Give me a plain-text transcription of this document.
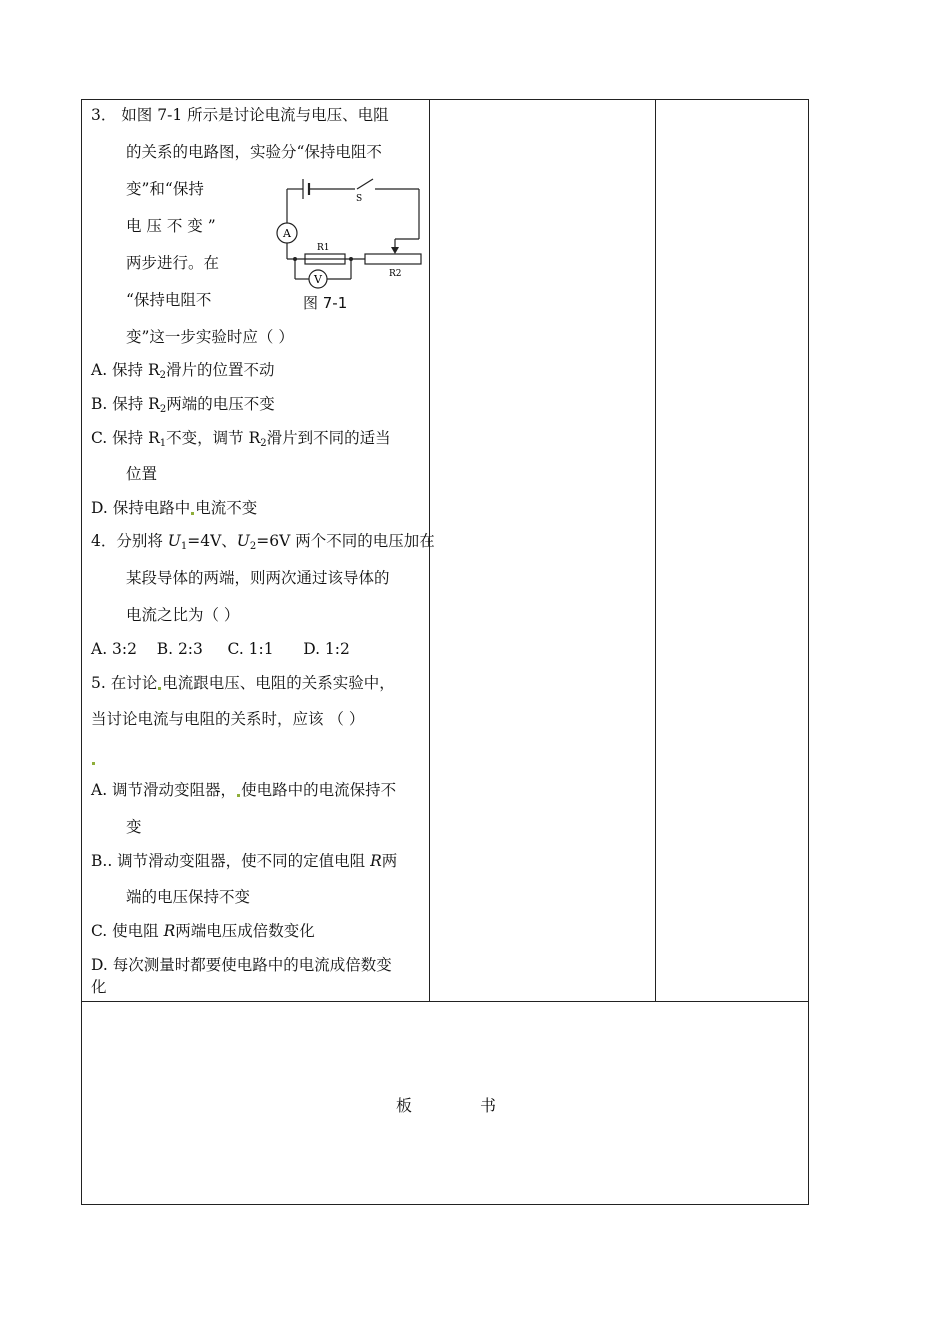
3． 如图 7-1 所示是讨论电流与电压、电阻
的关系的电路图，实验分“保持电阻不
变”和“保持
电 压 不 变 ”
两步进行。在
“保持电阻不
变”这一步实验时应（ ）
S
A
V
R1
R2
图 7-1
A. 保持 $R_2$滑片的位置不动
B. 保持 $R_2$两端的电压不变
C. 保持 $R_1$不变，调节 $R_2$滑片到不同的适当
位置
D. 保持电路中 电流不变
4．分别将 $U_1=4V$、$U_2=6V$ 两个不同的电压加在
某段导体的两端，则两次通过该导体的
电流之比为（ ）
A. 3:2    B. 2:3     C. 1:1      D. 1:2
5. 在讨论 电流跟电压、电阻的关系实验中，
当讨论电流与电阻的关系时，应该 （ ）
A. 调节滑动变阻器， 使电路中的电流保持不
变
B.. 调节滑动变阻器，使不同的定值电阻 R两
端的电压保持不变
C. 使电阻 R两端电压成倍数变化
D. 每次测量时都要使电路中的电流成倍数变
化
板	书
